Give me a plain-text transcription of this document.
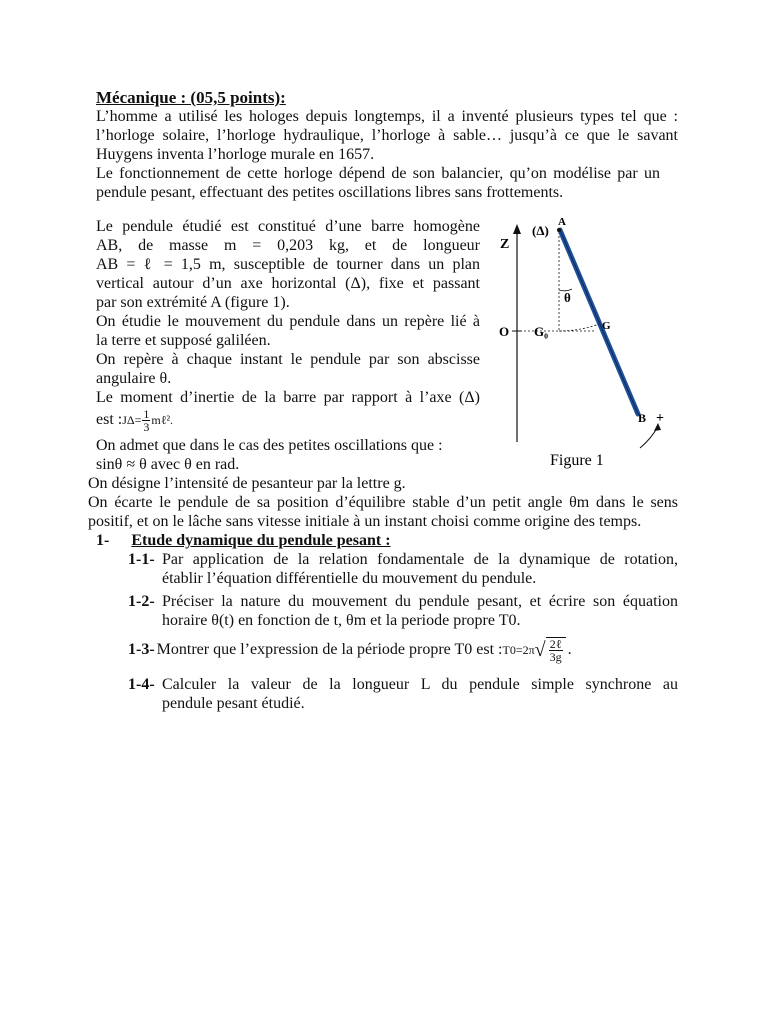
Mécanique : (05,5 points):
L’homme a utilisé les hologes depuis longtemps, il a inventé plusieurs types tel que :
l’horloge solaire, l’horloge hydraulique, l’horloge à sable… jusqu’à ce que le savant
Huygens inventa l’horloge murale en 1657.
Le fonctionnement de cette horloge dépend de son balancier, qu’on modélise par un
pendule pesant, effectuant des petites oscillations libres sans frottements.
Le pendule étudié est constitué d’une barre homogène
AB, de masse m = 0,203 kg, et de longueur
AB = ℓ = 1,5 m, susceptible de tourner dans un plan
vertical autour d’un axe horizontal (Δ), fixe et passant
par son extrémité A (figure 1).
On étudie le mouvement du pendule dans un repère lié à
la terre et supposé galiléen.
On repère à chaque instant le pendule par son abscisse
angulaire θ.
Le moment d’inertie de la barre par rapport à l’axe (Δ)
est : $J\Delta= \frac{1}{3}$ mℓ².
On admet que dans le cas des petites oscillations que :
sinθ ≈ θ avec θ en rad.
On désigne l’intensité de pesanteur par la lettre g.
On écarte le pendule de sa position d’équilibre stable d’un petit angle θm dans le sens
positif, et on le lâche sans vitesse initiale à un instant choisi comme origine des temps.
Z
(Δ)
A
θ
O G₀	G
B +
Figure 1
1- Etude dynamique du pendule pesant :
1-1- Par application de la relation fondamentale de la dynamique de rotation,
établir l’équation différentielle du mouvement du pendule.
1-2- Préciser la nature du mouvement du pendule pesant, et écrire son équation
horaire θ(t) en fonction de t, θm et la periode propre T0.
1-3- Montrer que l’expression de la période propre T0 est : T0=2π √ $\frac{\text{2ℓ}}{3g}$ .
1-4- Calculer la valeur de la longueur L du pendule simple synchrone au
pendule pesant étudié.
